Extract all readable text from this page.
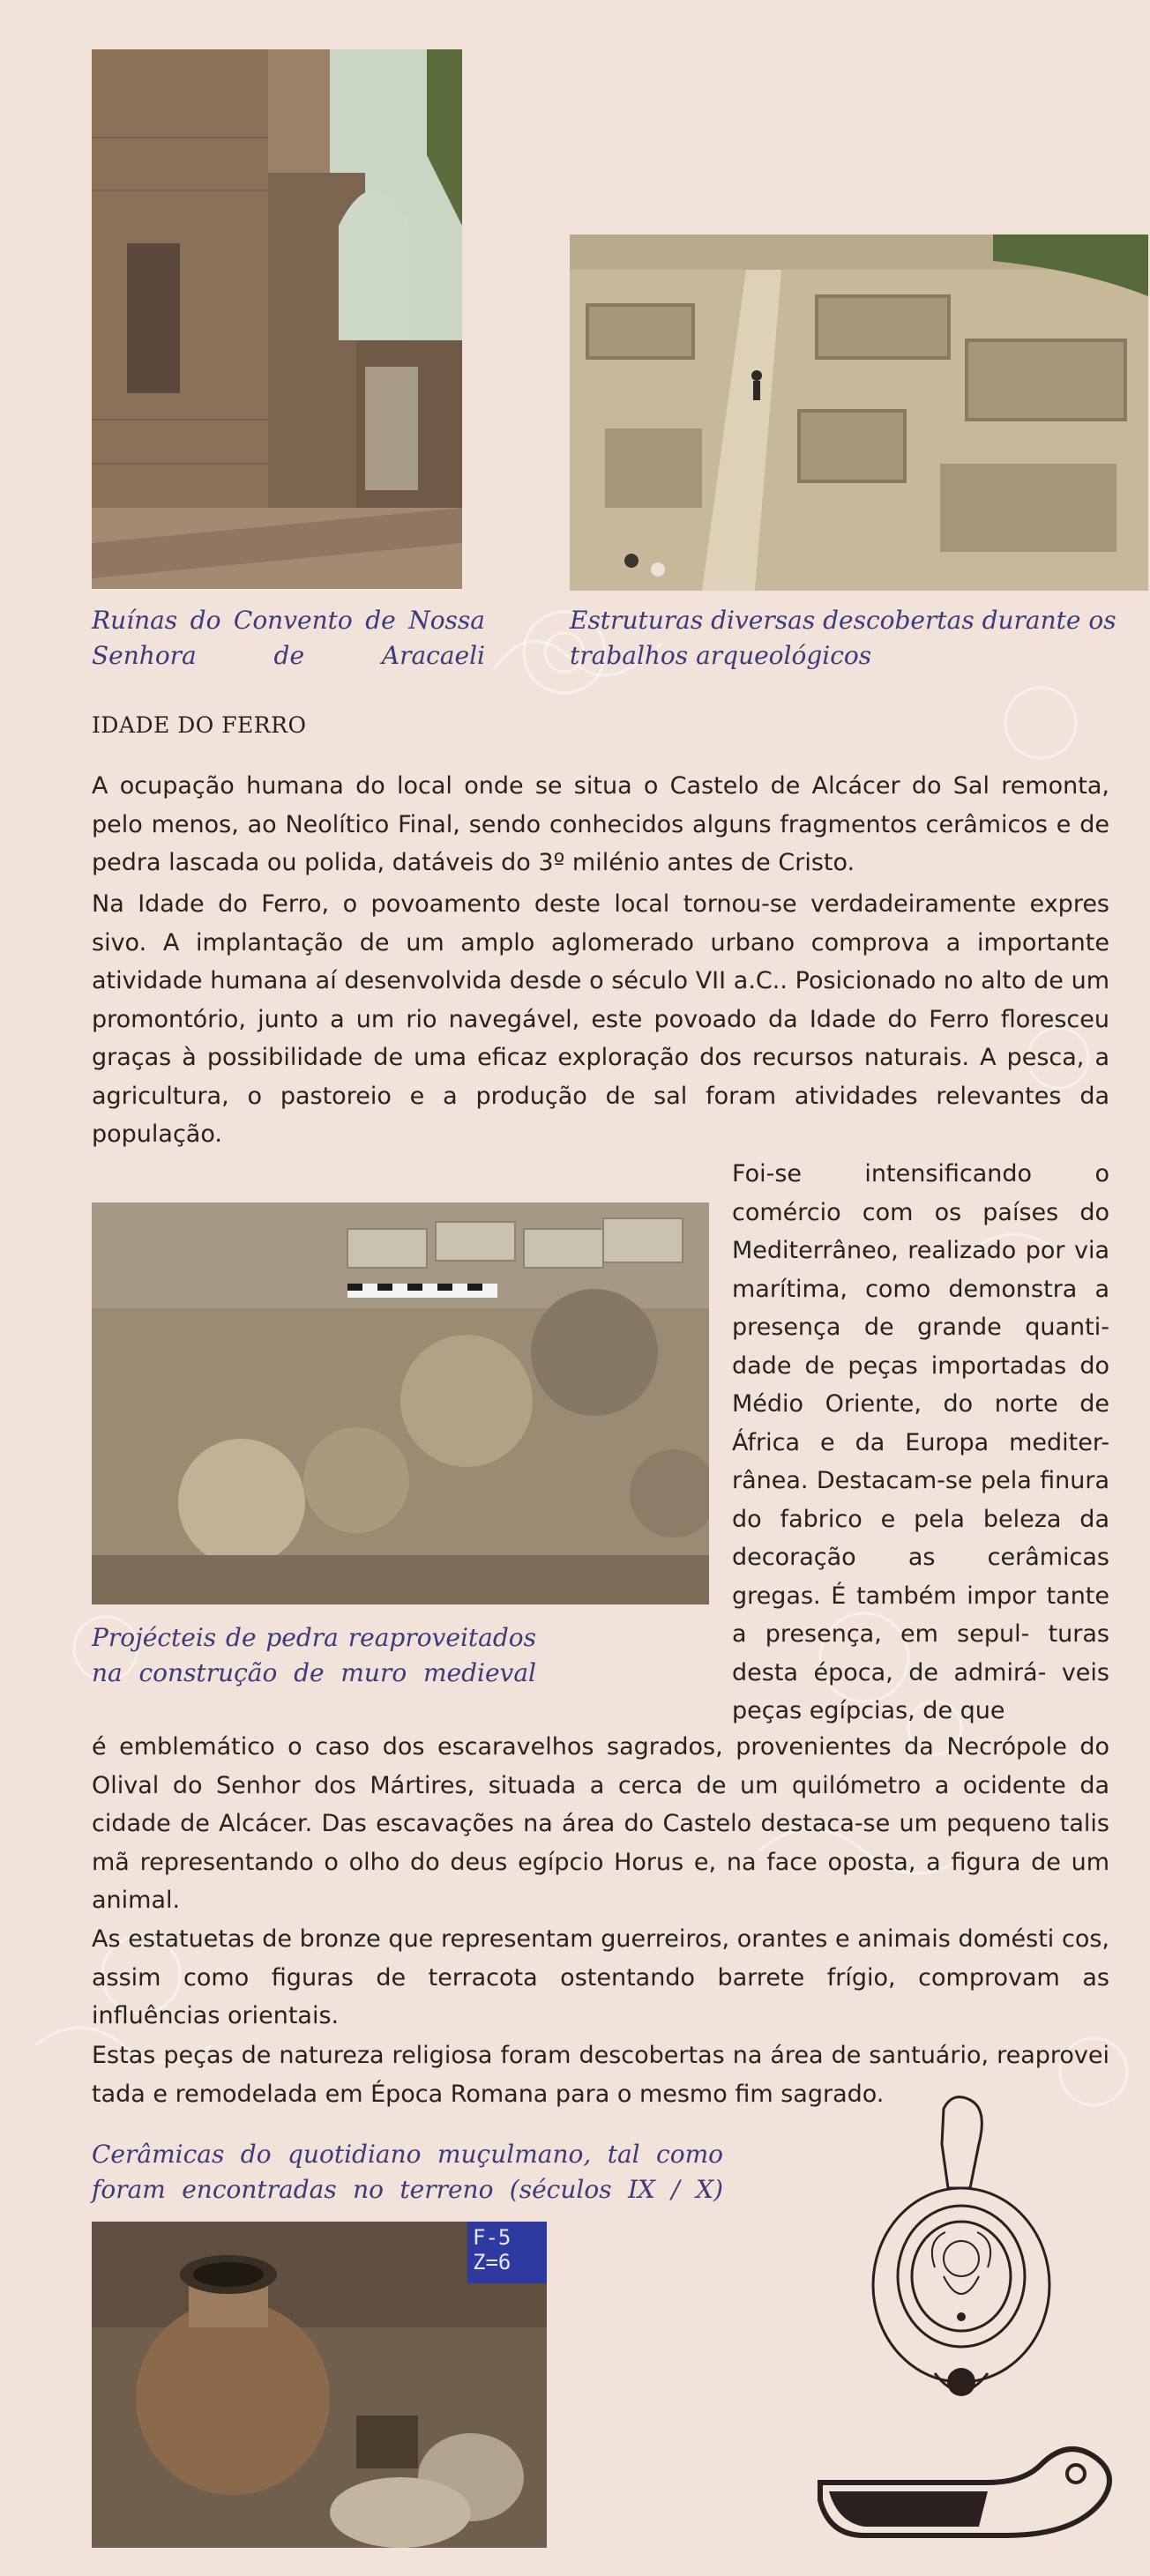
Ruínas do Convento de Nossa Senhora de Aracaeli

Estruturas diversas descobertas durante os trabalhos arqueológicos

IDADE DO FERRO

A ocupação humana do local onde se situa o Castelo de Alcácer do Sal remonta, pelo menos, ao Neolítico Final, sendo conhecidos alguns fragmentos cerâmicos e de pedra lascada ou polida, datáveis do 3º milénio antes de Cristo.

Na Idade do Ferro, o povoamento deste local tornou-se verdadeiramente expres sivo. A implantação de um amplo aglomerado urbano comprova a importante atividade humana aí desenvolvida desde o século VII a.C.. Posicionado no alto de um promontório, junto a um rio navegável, este povoado da Idade do Ferro floresceu graças à possibilidade de uma eficaz exploração dos recursos naturais. A pesca, a agricultura, o pastoreio e a produção de sal foram atividades relevantes da população.

Projécteis de pedra reaproveitados na construção de muro medieval

Foi-se intensificando o comércio com os países do Mediterrâneo, realizado por via marítima, como demonstra a presença de grande quanti- dade de peças importadas do Médio Oriente, do norte de África e da Europa mediter- rânea. Destacam-se pela finura do fabrico e pela beleza da decoração as cerâmicas gregas. É também impor tante a presença, em sepul- turas desta época, de admirá- veis peças egípcias, de que

é emblemático o caso dos escaravelhos sagrados, provenientes da Necrópole do Olival do Senhor dos Mártires, situada a cerca de um quilómetro a ocidente da cidade de Alcácer. Das escavações na área do Castelo destaca-se um pequeno talis mã representando o olho do deus egípcio Horus e, na face oposta, a figura de um animal.

As estatuetas de bronze que representam guerreiros, orantes e animais domésti cos, assim como figuras de terracota ostentando barrete frígio, comprovam as influências orientais.

Estas peças de natureza religiosa foram descobertas na área de santuário, reaprovei tada e remodelada em Época Romana para o mesmo fim sagrado.

Cerâmicas do quotidiano muçulmano, tal como foram encontradas no terreno (séculos IX / X)

F-5
Z=6
